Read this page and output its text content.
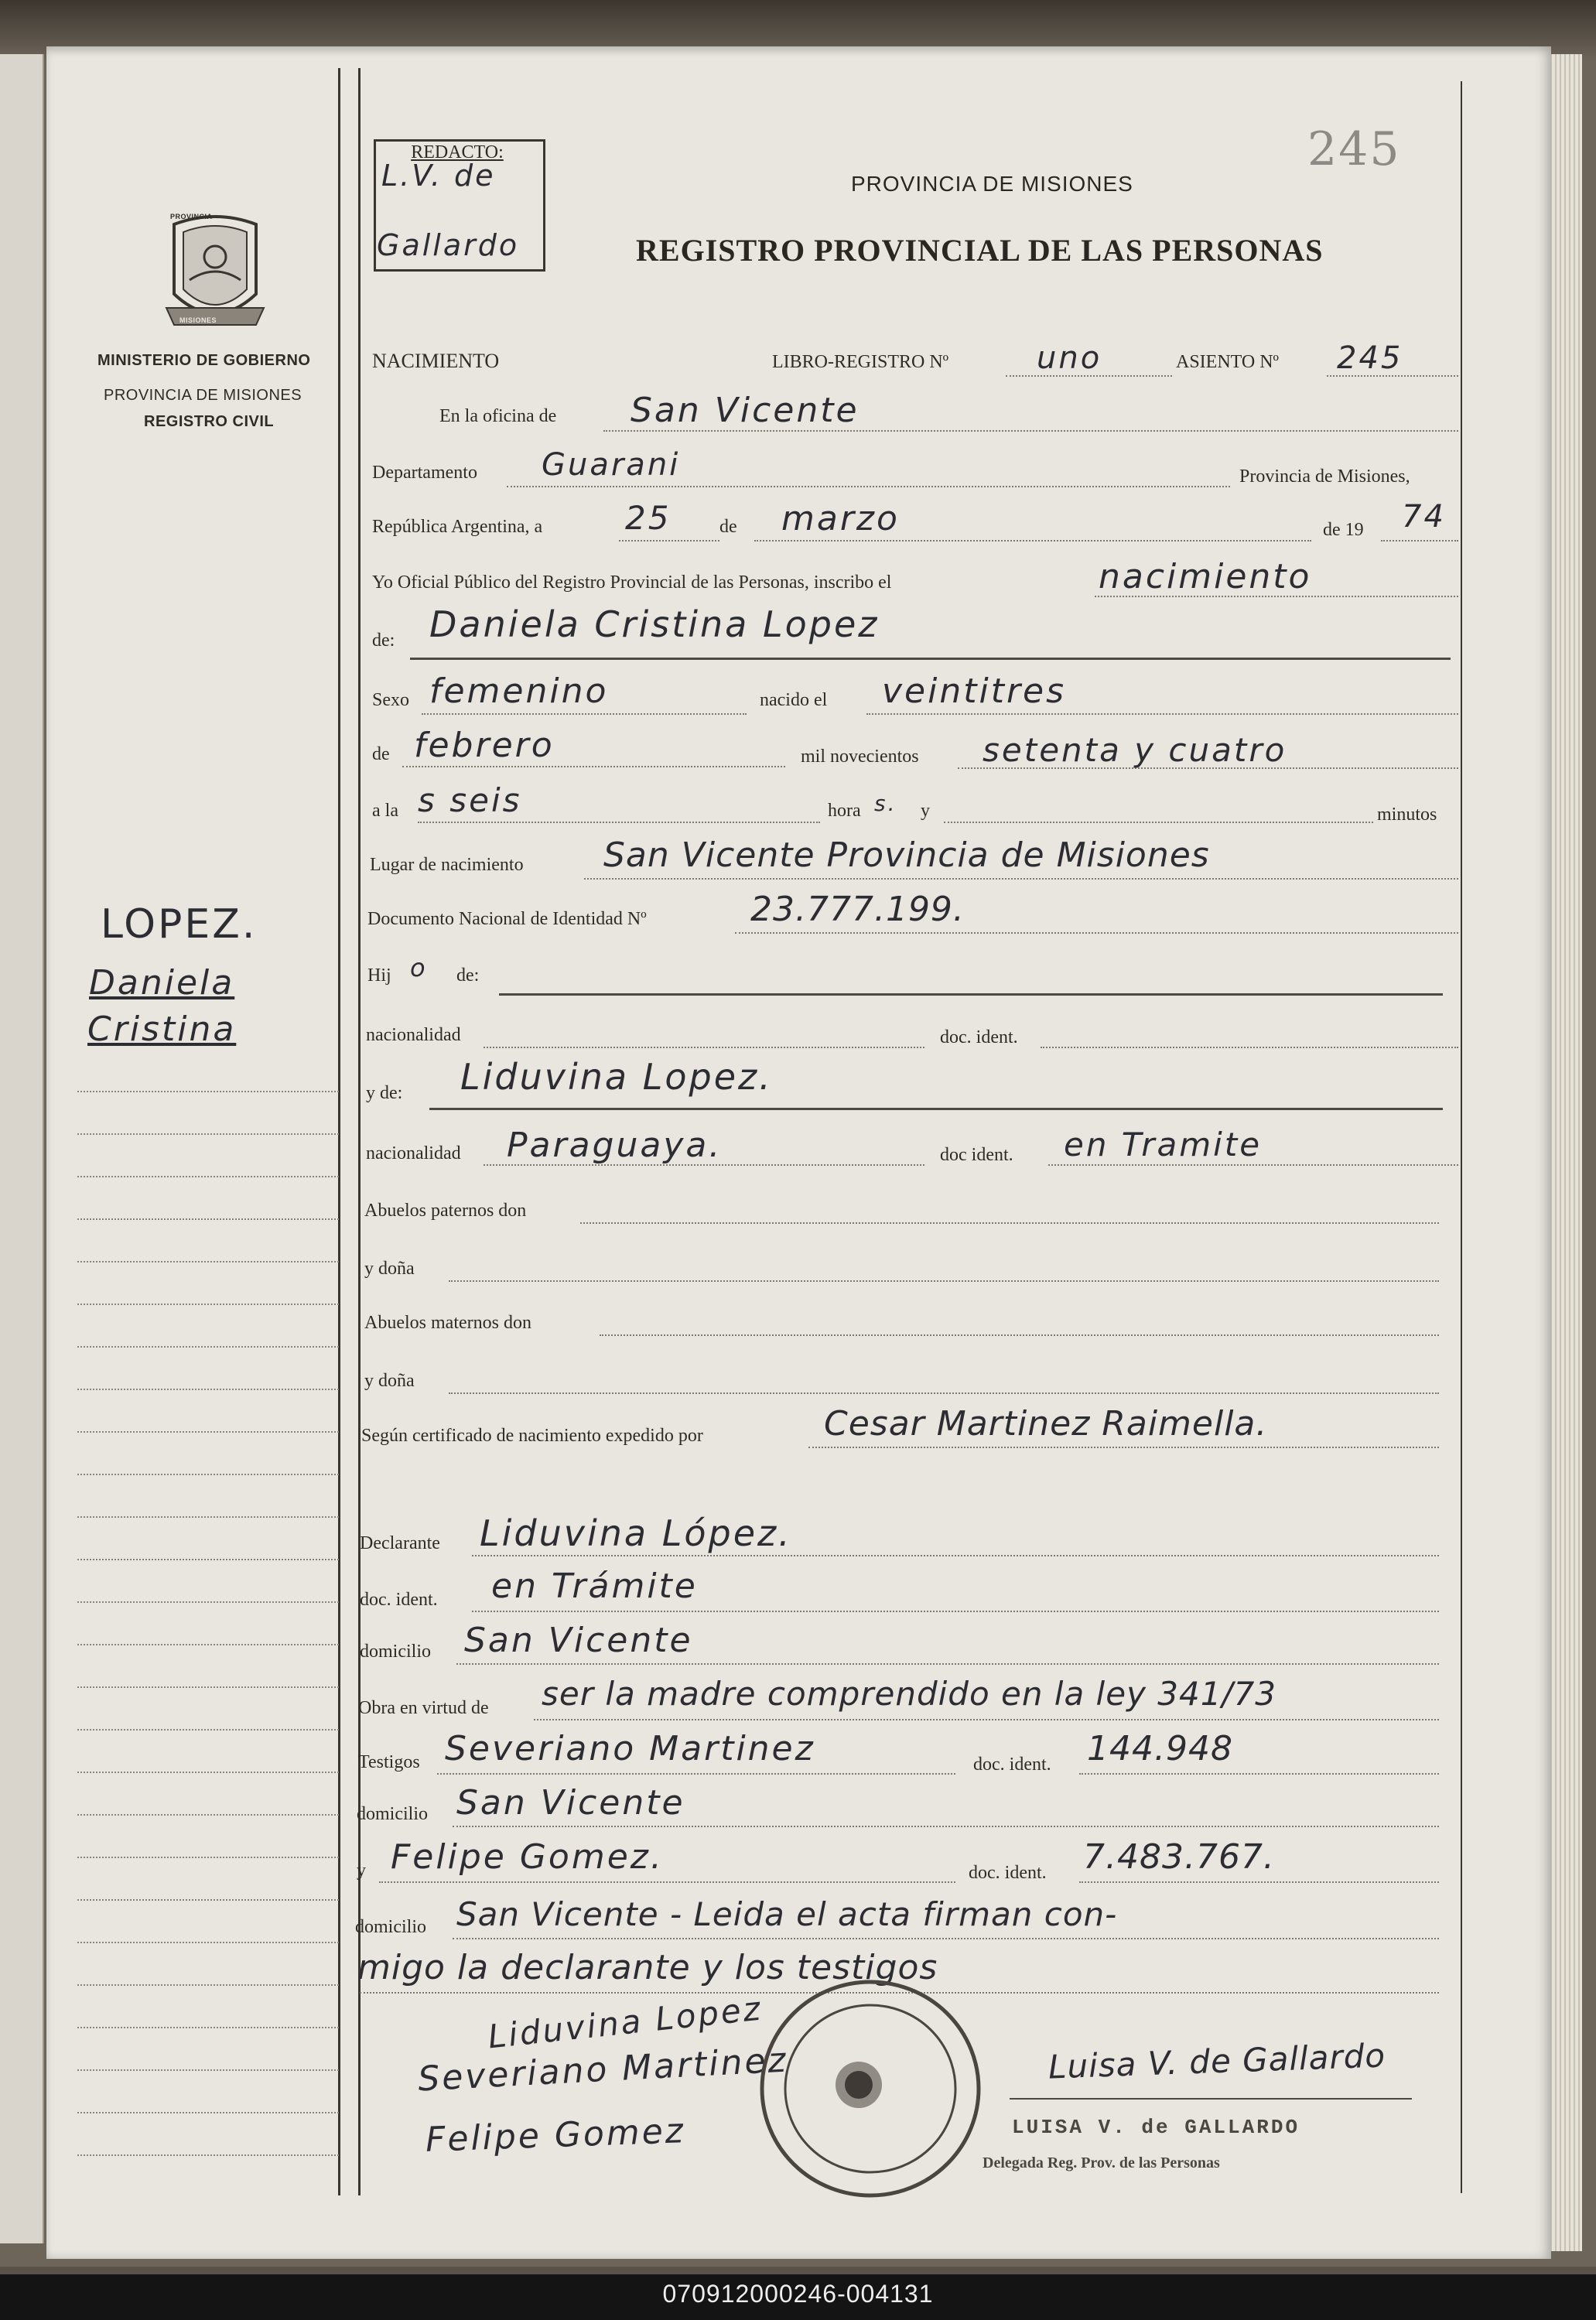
PROVINCIA
MISIONES
MINISTERIO DE GOBIERNO
PROVINCIA DE MISIONES
REGISTRO CIVIL
LOPEZ.
Daniela
Cristina
REDACTO:
L.V. de
Gallardo
245
PROVINCIA DE MISIONES
REGISTRO PROVINCIAL DE LAS PERSONAS
NACIMIENTO	LIBRO-REGISTRO Nº	uno	ASIENTO Nº 245
En la oficina de San Vicente
Departamento Guarani	Provincia de Misiones,
República Argentina, a	25	de marzo	de 19 74
Yo Oficial Público del Registro Provincial de las Personas, inscribo el	nacimiento
de: Daniela Cristina Lopez
Sexo femenino	nacido el veintitres
de febrero	mil novecientos setenta y cuatro
a la s seis	hora s. y	minutos
Lugar de nacimiento San Vicente Provincia de Misiones
Documento Nacional de Identidad Nº	23.777.199.
Hij o de:
nacionalidad	doc. ident.
y de: Liduvina Lopez.
nacionalidad Paraguaya.	doc ident. en Tramite
Abuelos paternos don
y doña
Abuelos maternos don
y doña
Según certificado de nacimiento expedido por	Cesar Martinez Raimella.
Declarante Liduvina López.
doc. ident. en Trámite
domicilio San Vicente
Obra en virtud de ser la madre comprendido en la ley 341/73
Testigos Severiano Martinez	doc. ident. 144.948
domicilio San Vicente
y Felipe Gomez.	doc. ident. 7.483.767.
domicilio San Vicente - Leida el acta firman con-
migo la declarante y los testigos
Liduvina Lopez
Severiano Martinez
Felipe Gomez
Luisa V. de Gallardo
LUISA V. de GALLARDO
Delegada Reg. Prov. de las Personas
070912000246-004131
